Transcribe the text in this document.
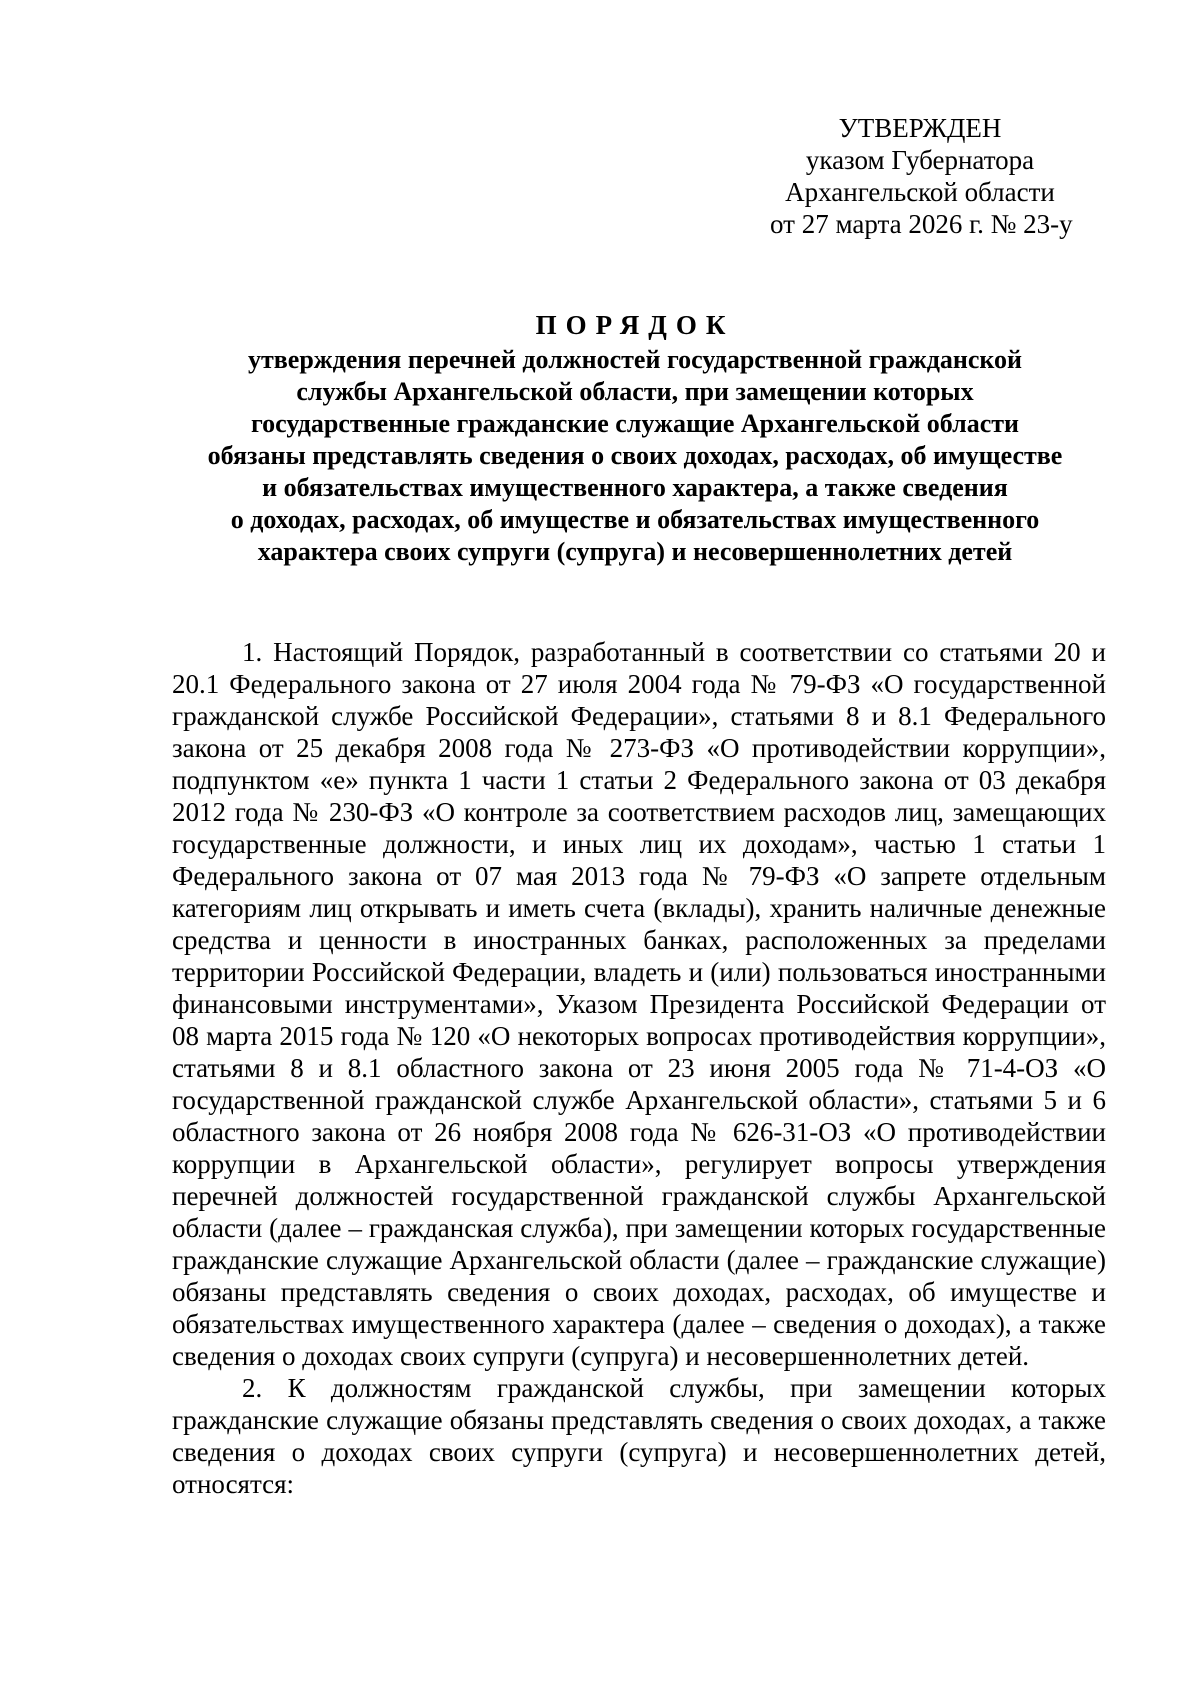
УТВЕРЖДЕН
указом Губернатора
Архангельской области
от 27 марта 2026 г. № 23-у
ПОРЯДОК
утверждения перечней должностей государственной гражданской
службы Архангельской области, при замещении которых
государственные гражданские служащие Архангельской области
обязаны представлять сведения о своих доходах, расходах, об имуществе
и обязательствах имущественного характера, а также сведения
о доходах, расходах, об имуществе и обязательствах имущественного
характера своих супруги (супруга) и несовершеннолетних детей

1. Настоящий Порядок, разработанный в соответствии со статьями 20 и 20.1 Федерального закона от 27 июля 2004 года № 79-ФЗ «О государственной гражданской службе Российской Федерации», статьями 8 и 8.1 Федерального закона от 25 декабря 2008 года № 273-ФЗ «О противодействии коррупции», подпунктом «е» пункта 1 части 1 статьи 2 Федерального закона от 03 декабря 2012 года № 230-ФЗ «О контроле за соответствием расходов лиц, замещающих государственные должности, и иных лиц их доходам», частью 1 статьи 1 Федерального закона от 07 мая 2013 года № 79-ФЗ «О запрете отдельным категориям лиц открывать и иметь счета (вклады), хранить наличные денежные средства и ценности в иностранных банках, расположенных за пределами территории Российской Федерации, владеть и (или) пользоваться иностранными финансовыми инструментами», Указом Президента Российской Федерации от 08 марта 2015 года № 120 «О некоторых вопросах противодействия коррупции», статьями 8 и 8.1 областного закона от 23 июня 2005 года № 71-4-ОЗ «О государственной гражданской службе Архангельской области», статьями 5 и 6 областного закона от 26 ноября 2008 года № 626-31-ОЗ «О противодействии коррупции в Архангельской области», регулирует вопросы утверждения перечней должностей государственной гражданской службы Архангельской области (далее – гражданская служба), при замещении которых государственные гражданские служащие Архангельской области (далее – гражданские служащие) обязаны представлять сведения о своих доходах, расходах, об имуществе и обязательствах имущественного характера (далее – сведения о доходах), а также сведения о доходах своих супруги (супруга) и несовершеннолетних детей.

2. К должностям гражданской службы, при замещении которых гражданские служащие обязаны представлять сведения о своих доходах, а также сведения о доходах своих супруги (супруга) и несовершеннолетних детей, относятся:
